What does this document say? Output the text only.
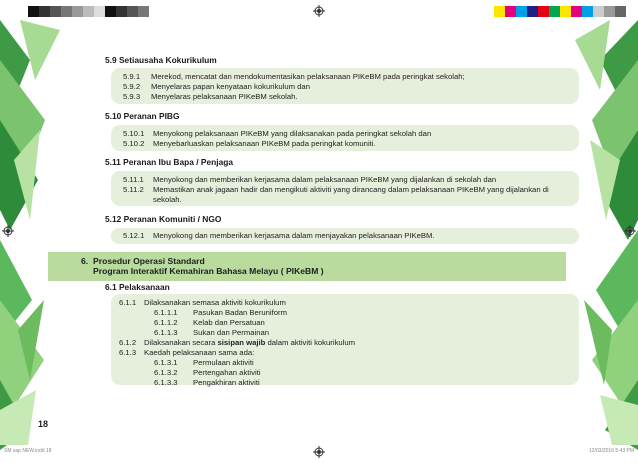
5.9 Setiausaha Kokurikulum
5.9.1 Merekod, mencatat dan mendokumentasikan pelaksanaan PIKeBM pada peringkat sekolah;
5.9.2 Menyelaras papan kenyataan kokurikulum dan
5.9.3 Menyelaras pelaksanaan PIKeBM sekolah.
5.10 Peranan PIBG
5.10.1 Menyokong pelaksanaan PIKeBM yang dilaksanakan pada peringkat sekolah dan
5.10.2 Menyebarluaskan pelaksanaan PIKeBM pada peringkat komuniti.
5.11 Peranan Ibu Bapa / Penjaga
5.11.1 Menyokong dan memberikan kerjasama dalam pelaksanaan PIKeBM yang dijalankan di sekolah dan
5.11.2 Memastikan anak jagaan hadir dan mengikuti aktiviti yang dirancang dalam pelaksanaan PIKeBM yang dijalankan di
sekolah.
5.12 Peranan Komuniti / NGO
5.12.1 Menyokong dan memberikan kerjasama dalam menjayakan pelaksanaan PIKeBM.
6. Prosedur Operasi Standard
Program Interaktif Kemahiran Bahasa Melayu ( PIKeBM )
6.1 Pelaksanaan
6.1.1 Dilaksanakan semasa aktiviti kokurikulum
6.1.1.1 Pasukan Badan Beruniform
6.1.1.2 Kelab dan Persatuan
6.1.1.3 Sukan dan Permainan
6.1.2 Dilaksanakan secara sisipan wajib dalam aktiviti kokurikulum
6.1.3 Kaedah pelaksanaan sama ada:
6.1.3.1 Permulaan aktiviti
6.1.3.2 Pertengahan aktiviti
6.1.3.3 Pengakhiran aktiviti
18
SM sap NEW.indd 18	12/03/2016 5:43 PM
